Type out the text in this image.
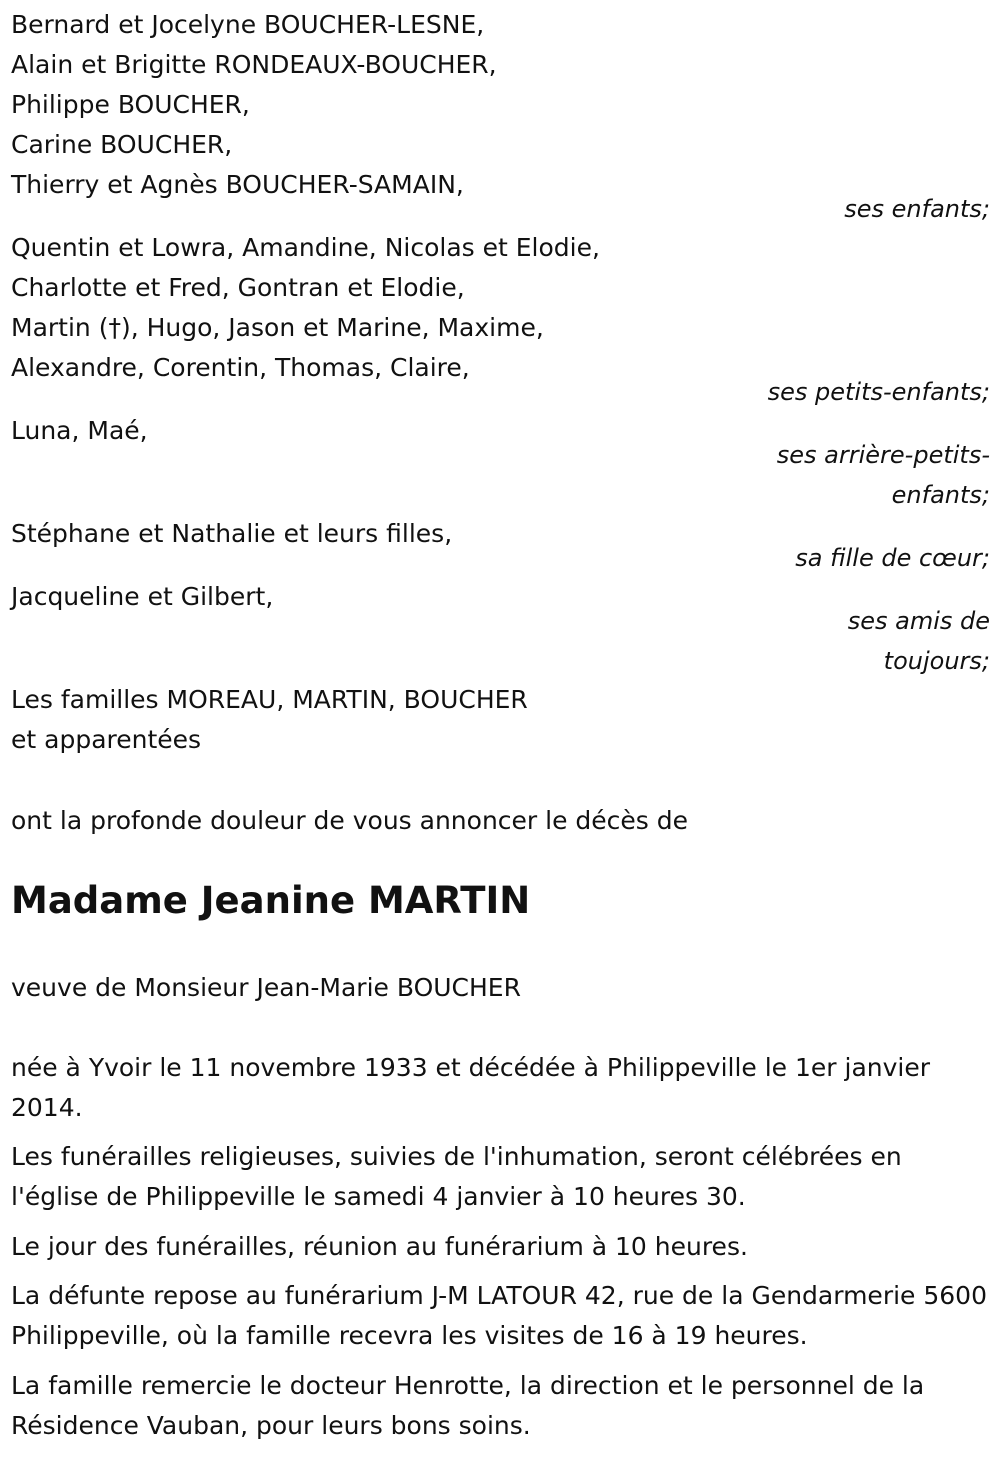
Bernard et Jocelyne BOUCHER-LESNE,
Alain et Brigitte RONDEAUX-BOUCHER,
Philippe BOUCHER,
Carine BOUCHER,
Thierry et Agnès BOUCHER-SAMAIN,
ses enfants;
Quentin et Lowra, Amandine, Nicolas et Elodie,
Charlotte et Fred, Gontran et Elodie,
Martin (†), Hugo, Jason et Marine, Maxime,
Alexandre, Corentin, Thomas, Claire,
ses petits-enfants;
Luna, Maé,
ses arrière-petits-
enfants;
Stéphane et Nathalie et leurs filles,
sa fille de cœur;
Jacqueline et Gilbert,
ses amis de
toujours;
Les familles MOREAU, MARTIN, BOUCHER
et apparentées
ont la profonde douleur de vous annoncer le décès de
Madame Jeanine MARTIN
veuve de Monsieur Jean-Marie BOUCHER
née à Yvoir le 11 novembre 1933 et décédée à Philippeville le 1er janvier 2014.
Les funérailles religieuses, suivies de l'inhumation, seront célébrées en l'église de Philippeville le samedi 4 janvier à 10 heures 30.
Le jour des funérailles, réunion au funérarium à 10 heures.
La défunte repose au funérarium J-M LATOUR 42, rue de la Gendarmerie 5600 Philippeville, où la famille recevra les visites de 16 à 19 heures.
La famille remercie le docteur Henrotte, la direction et le personnel de la Résidence Vauban, pour leurs bons soins.
